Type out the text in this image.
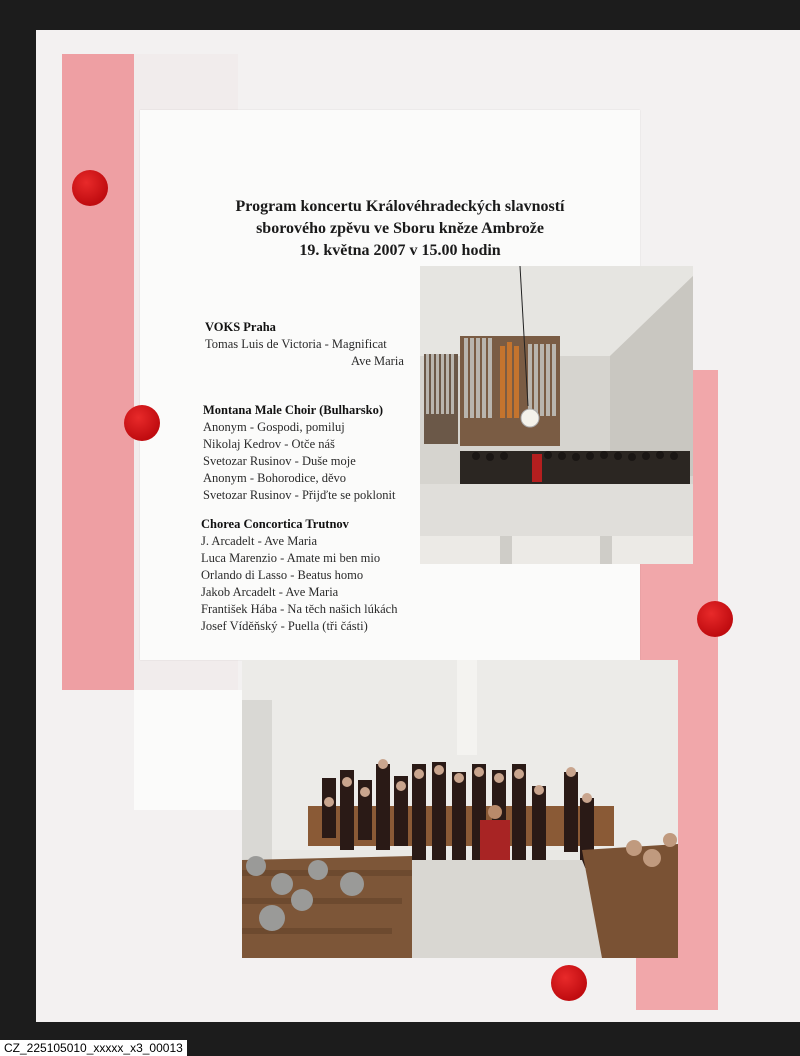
Program koncertu Královéhradeckých slavností
sborového zpěvu ve Sboru kněze Ambrože
19. května 2007 v 15.00 hodin
VOKS Praha
Tomas Luis de Victoria - Magnificat
Ave Maria
Montana Male Choir (Bulharsko)
Anonym - Gospodi, pomiluj
Nikolaj Kedrov - Otče náš
Svetozar Rusinov - Duše moje
Anonym - Bohorodice, děvo
Svetozar Rusinov - Přijďte se poklonit
Chorea Concortica Trutnov
J. Arcadelt - Ave Maria
Luca Marenzio - Amate mi ben mio
Orlando di Lasso - Beatus homo
Jakob Arcadelt - Ave Maria
František Hába - Na těch našich lúkách
Josef Víděňský - Puella (tři části)
CZ_225105010_xxxxx_x3_00013
